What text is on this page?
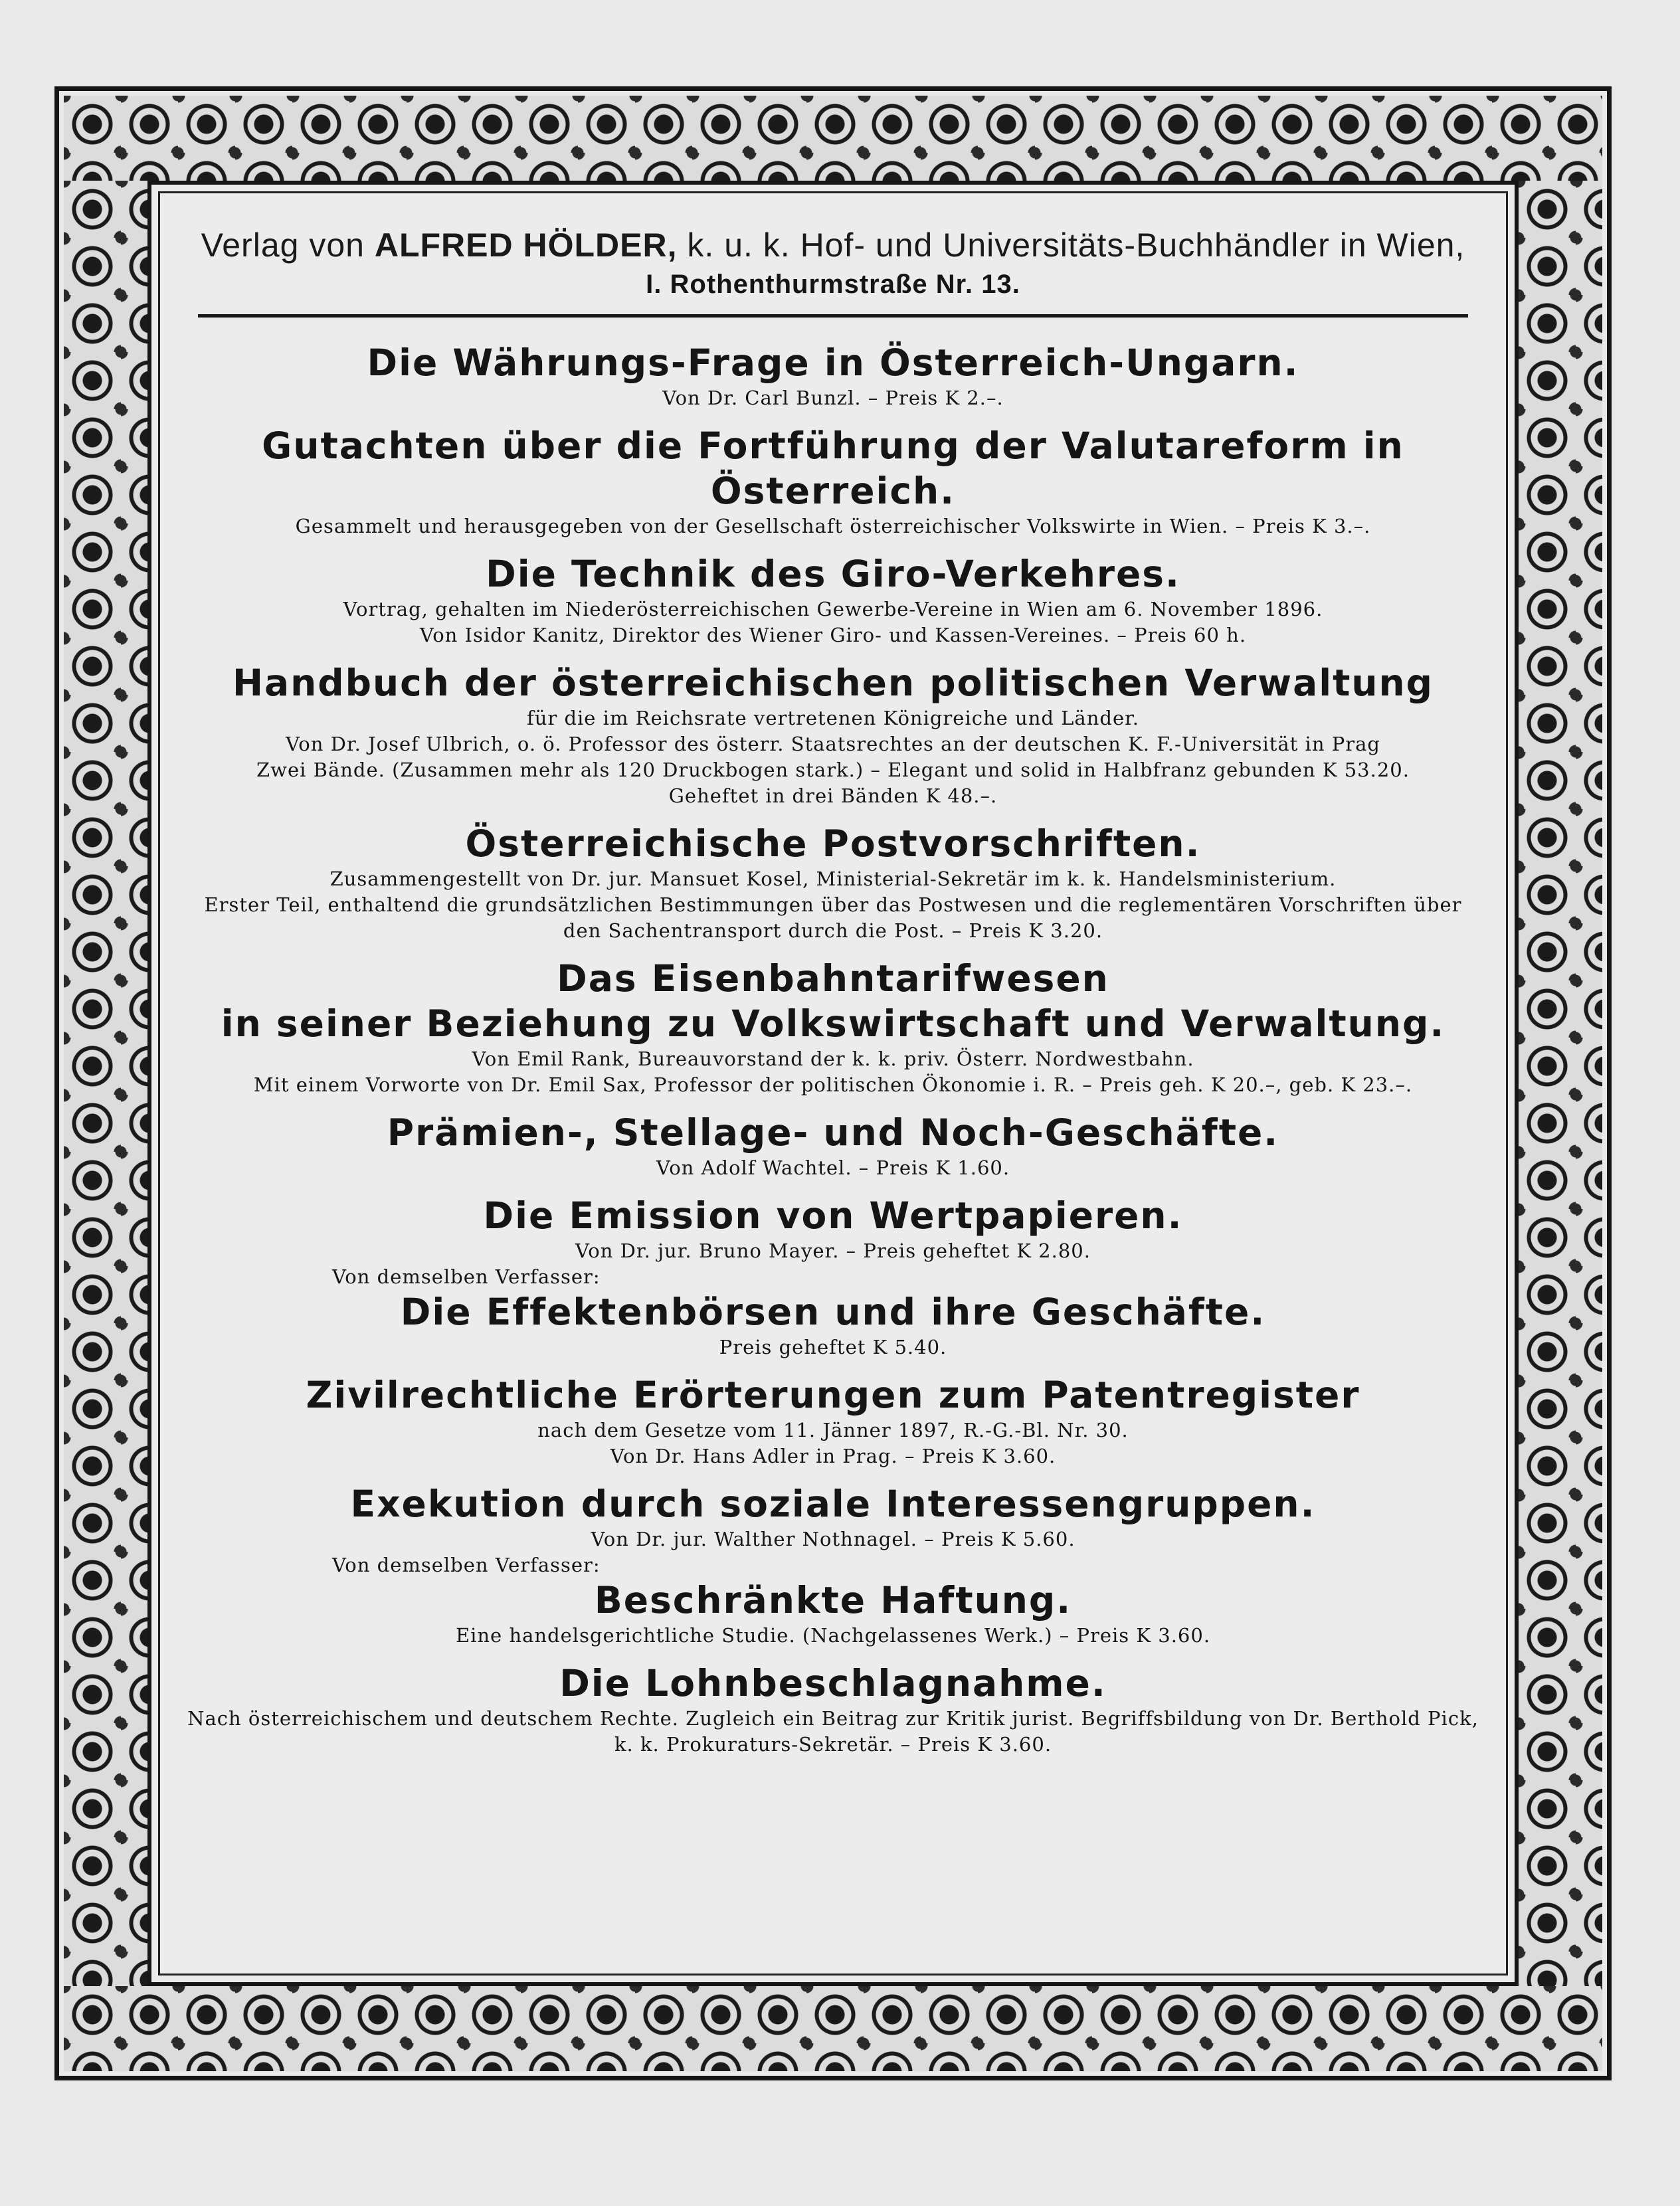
Verlag von ALFRED HÖLDER, k. u. k. Hof- und Universitäts-Buchhändler in Wien,
I. Rothenthurmstraße Nr. 13.
Die Währungs-Frage in Österreich-Ungarn.
Von Dr. Carl Bunzl. – Preis K 2.–.
Gutachten über die Fortführung der Valutareform in Österreich.
Gesammelt und herausgegeben von der Gesellschaft österreichischer Volkswirte in Wien. – Preis K 3.–.
Die Technik des Giro-Verkehres.
Vortrag, gehalten im Niederösterreichischen Gewerbe-Vereine in Wien am 6. November 1896.
Von Isidor Kanitz, Direktor des Wiener Giro- und Kassen-Vereines. – Preis 60 h.
Handbuch der österreichischen politischen Verwaltung
für die im Reichsrate vertretenen Königreiche und Länder.
Von Dr. Josef Ulbrich, o. ö. Professor des österr. Staatsrechtes an der deutschen K. F.-Universität in Prag
Zwei Bände. (Zusammen mehr als 120 Druckbogen stark.) – Elegant und solid in Halbfranz gebunden K 53.20.
Geheftet in drei Bänden K 48.–.
Österreichische Postvorschriften.
Zusammengestellt von Dr. jur. Mansuet Kosel, Ministerial-Sekretär im k. k. Handelsministerium.
Erster Teil, enthaltend die grundsätzlichen Bestimmungen über das Postwesen und die reglementären Vorschriften über
den Sachentransport durch die Post. – Preis K 3.20.
Das Eisenbahntarifwesen
in seiner Beziehung zu Volkswirtschaft und Verwaltung.
Von Emil Rank, Bureauvorstand der k. k. priv. Österr. Nordwestbahn.
Mit einem Vorworte von Dr. Emil Sax, Professor der politischen Ökonomie i. R. – Preis geh. K 20.–, geb. K 23.–.
Prämien-, Stellage- und Noch-Geschäfte.
Von Adolf Wachtel. – Preis K 1.60.
Die Emission von Wertpapieren.
Von Dr. jur. Bruno Mayer. – Preis geheftet K 2.80.
Von demselben Verfasser:
Die Effektenbörsen und ihre Geschäfte.
Preis geheftet K 5.40.
Zivilrechtliche Erörterungen zum Patentregister
nach dem Gesetze vom 11. Jänner 1897, R.-G.-Bl. Nr. 30.
Von Dr. Hans Adler in Prag. – Preis K 3.60.
Exekution durch soziale Interessengruppen.
Von Dr. jur. Walther Nothnagel. – Preis K 5.60.
Von demselben Verfasser:
Beschränkte Haftung.
Eine handelsgerichtliche Studie. (Nachgelassenes Werk.) – Preis K 3.60.
Die Lohnbeschlagnahme.
Nach österreichischem und deutschem Rechte. Zugleich ein Beitrag zur Kritik jurist. Begriffsbildung von Dr. Berthold Pick,
k. k. Prokuraturs-Sekretär. – Preis K 3.60.
